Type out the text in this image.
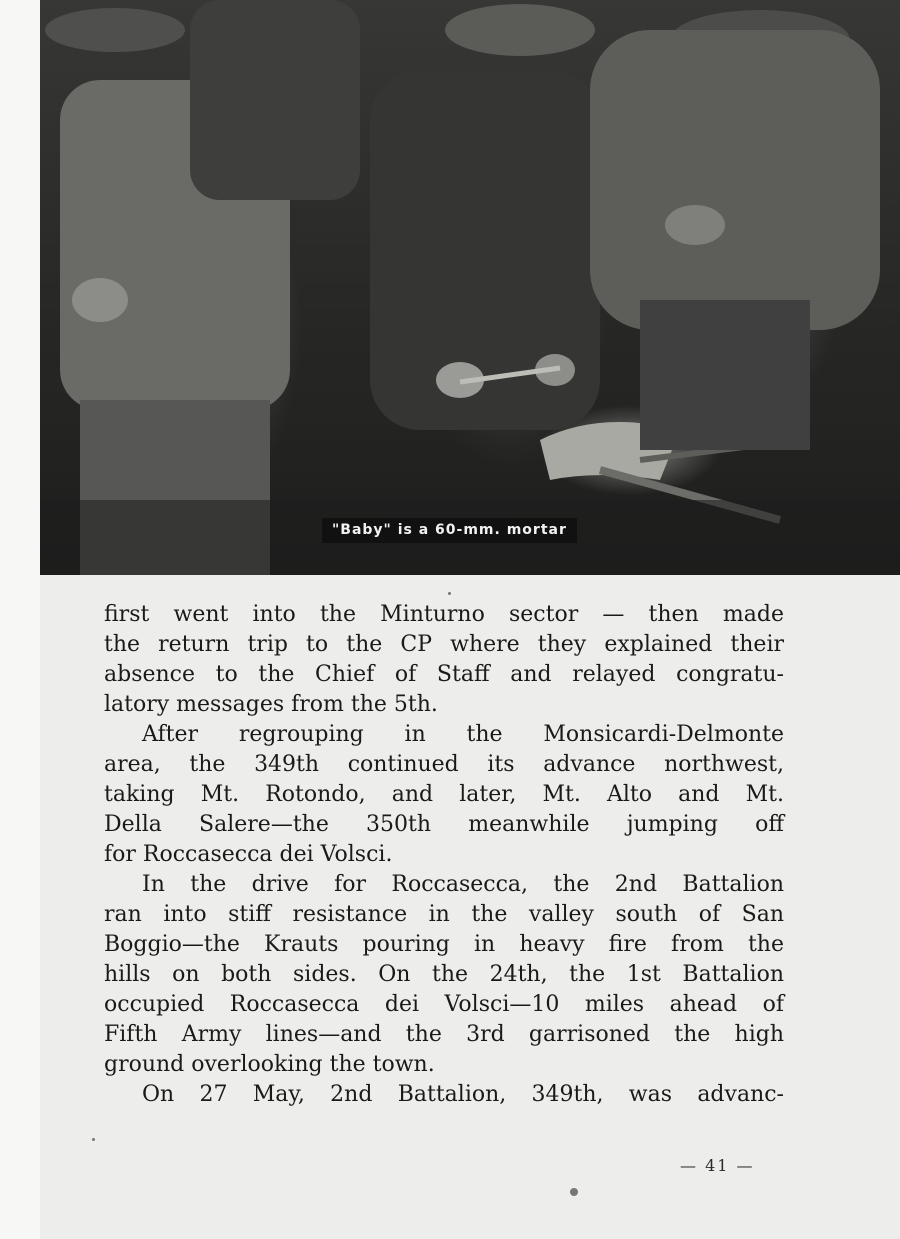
"Baby" is a 60-mm. mortar
first went into the Minturno sector — then made
the return trip to the CP where they explained their
absence to the Chief of Staff and relayed congratu-
latory messages from the 5th.
After regrouping in the Monsicardi-Delmonte
area, the 349th continued its advance northwest,
taking Mt. Rotondo, and later, Mt. Alto and Mt.
Della Salere—the 350th meanwhile jumping off
for Roccasecca dei Volsci.
In the drive for Roccasecca, the 2nd Battalion
ran into stiff resistance in the valley south of San
Boggio—the Krauts pouring in heavy fire from the
hills on both sides. On the 24th, the 1st Battalion
occupied Roccasecca dei Volsci—10 miles ahead of
Fifth Army lines—and the 3rd garrisoned the high
ground overlooking the town.
On 27 May, 2nd Battalion, 349th, was advanc-
— 41 —
